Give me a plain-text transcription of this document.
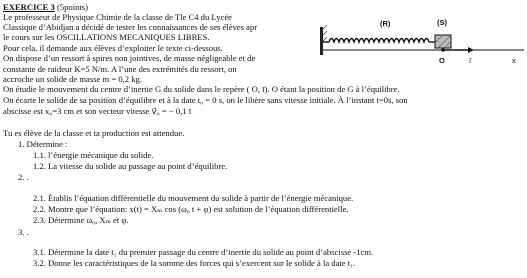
EXERCICE 3 (5points)
Le professeur de Physique Chimie de la classe de Tle C4 du Lycée
Classique d’Abidjan a décidé de tester les connaissances de ses élèves apr
le cours sur les OSCILLATIONS MECANIQUES LIBRES.
Pour cela, il demande aux élèves d’exploiter le texte ci-dessous.
On dispose d’un ressort à spires non jointives, de masse négligeable et de
constante de raideur K=5 N/m. A l’une des extrémités du ressort, on
accroche un solide de masse m = 0,2 kg.
On étudie le mouvement du centre d’inertie G du solide dans le repère ( O, ī). O étant la position de G à l’équilibre.
On écarte le solide de sa position d’équilibre et à la date t₀ = 0 s, on le libère sans vitesse initiale. À l’instant t=0s, son
abscisse est x₀=3 cm et son vecteur vitesse v⃗₀ = − 0,1 ī
Tu es élève de la classe et ta production est attendue.
1. Détermine :
1.1. l’énergie mécanique du solide.
1.2. La vitesse du solide au passage au point d’équilibre.
2. .
2.1. Établis l’équation différentielle du mouvement du solide à partir de l’énergie mécanique.
2.2. Montre que l’équation: x(t) = Xₘ cos (ω₀ t + φ) est solution de l’équation différentielle.
2.3. Détermine ω₀, Xₘ et φ.
3. .
3.1. Détermine la date t₁ du premier passage du centre d’inertie du solide au point d’abscisse -1cm.
3.2. Donne les caractéristiques de la somme des forces qui s’exercent sur le solide à la date t₁.
(R)	(S)
O	ī	x
